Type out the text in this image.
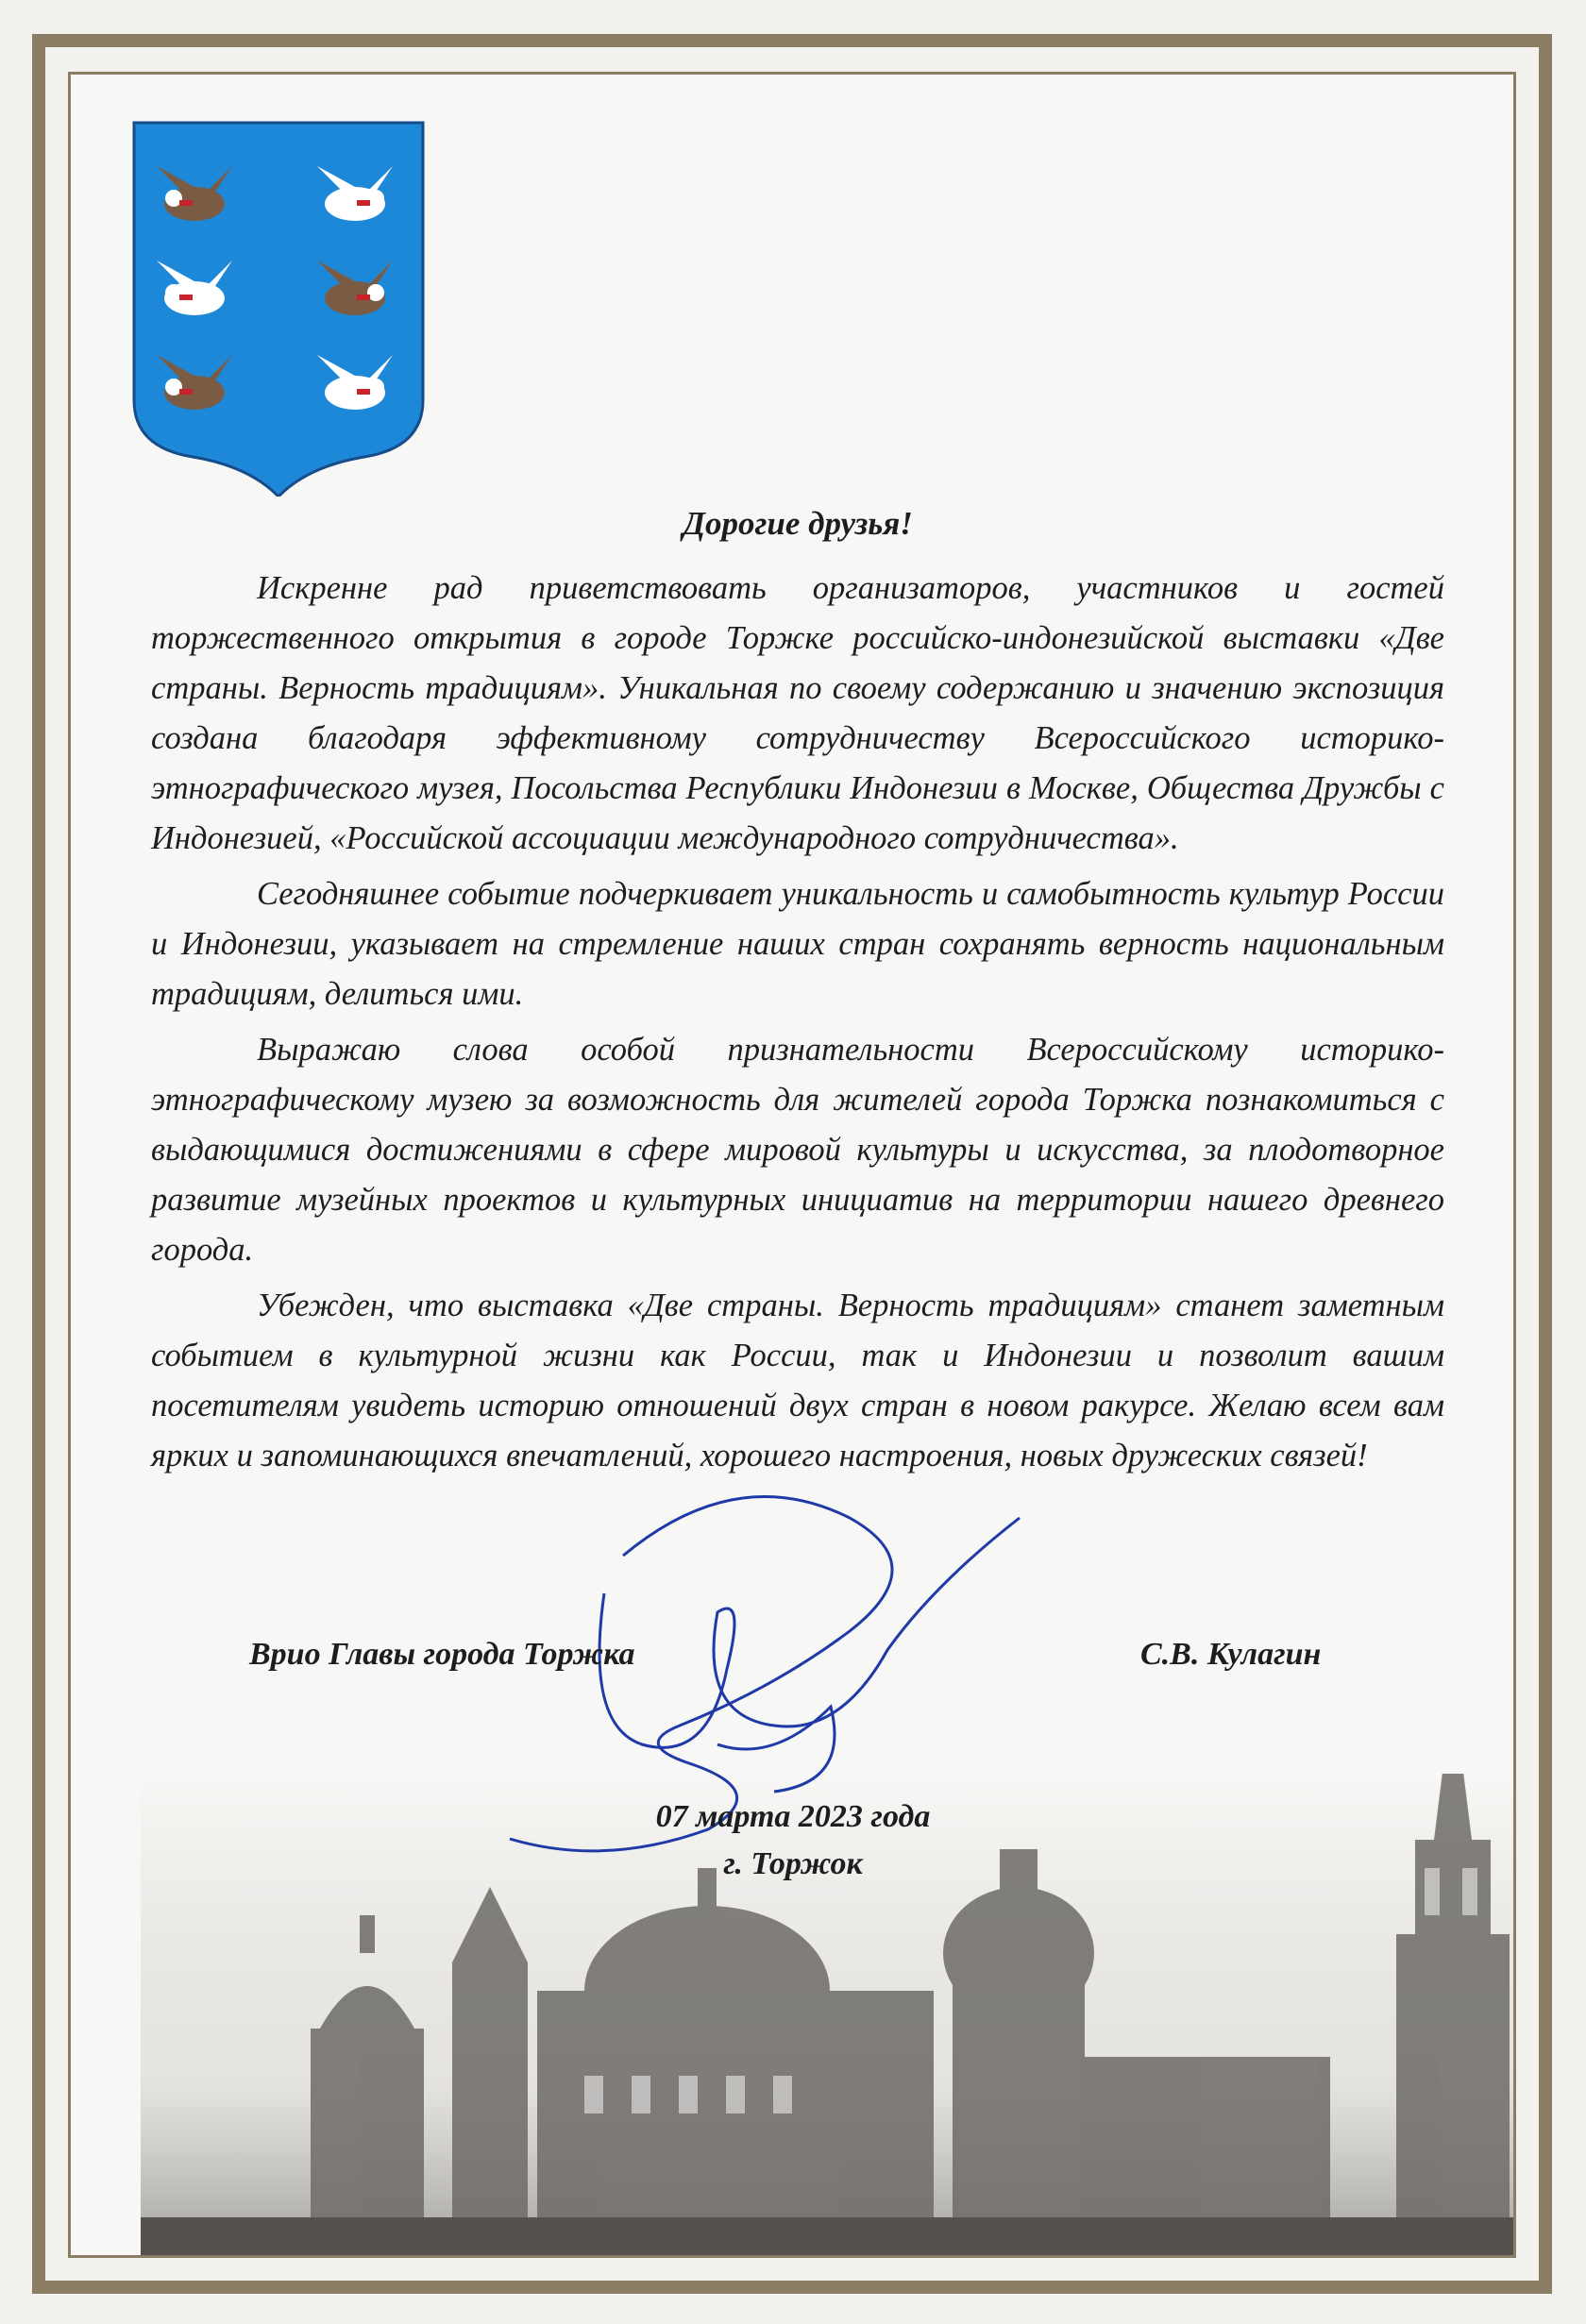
Дорогие друзья!

Искренне рад приветствовать организаторов, участников и гостей торжественного открытия в городе Торжке российско-индонезийской выставки «Две страны. Верность традициям». Уникальная по своему содержанию и значению экспозиция создана благодаря эффективному сотрудничеству Всероссийского историко-этнографического музея, Посольства Республики Индонезии в Москве, Общества Дружбы с Индонезией, «Российской ассоциации международного сотрудничества».

Сегодняшнее событие подчеркивает уникальность и самобытность культур России и Индонезии, указывает на стремление наших стран сохранять верность национальным традициям, делиться ими.

Выражаю слова особой признательности Всероссийскому историко-этнографическому музею за возможность для жителей города Торжка познакомиться с выдающимися достижениями в сфере мировой культуры и искусства, за плодотворное развитие музейных проектов и культурных инициатив на территории нашего древнего города.

Убежден, что выставка «Две страны. Верность традициям» станет заметным событием в культурной жизни как России, так и Индонезии и позволит вашим посетителям увидеть историю отношений двух стран в новом ракурсе. Желаю всем вам ярких и запоминающихся впечатлений, хорошего настроения, новых дружеских связей!

Врио Главы города Торжка	С.В. Кулагин
07 марта 2023 года
г. Торжок
